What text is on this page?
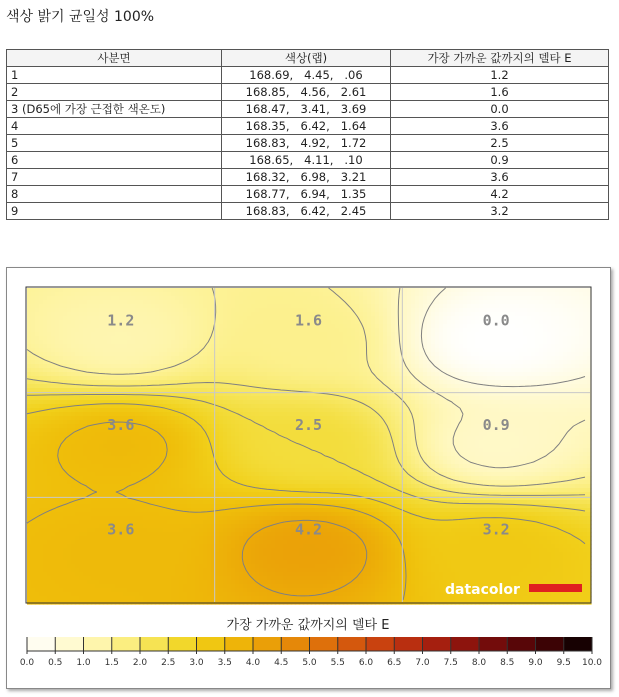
색상 밝기 균일성 100%
사분면	색상(랩)	가장 가까운 값까지의 델타 E
1	168.69,   4.45,   .06	1.2
2	168.85,   4.56,   2.61	1.6
3 (D65에 가장 근접한 색온도)	168.47,   3.41,   3.69	0.0
4	168.35,   6.42,   1.64	3.6
5	168.83,   4.92,   1.72	2.5
6	168.65,   4.11,   .10	0.9
7	168.32,   6.98,   3.21	3.6
8	168.77,   6.94,   1.35	4.2
9	168.83,   6.42,   2.45	3.2
가장 가까운 값까지의 델타 E
1.2	1.6	0.0
3.6	2.5	0.9
3.6	4.2	3.2
datacolor
0.0 0.5 1.0 1.5 2.0 2.5 3.0 3.5 4.0 4.5 5.0 5.5 6.0 6.5 7.0 7.5 8.0 8.5 9.0 9.5 10.0
